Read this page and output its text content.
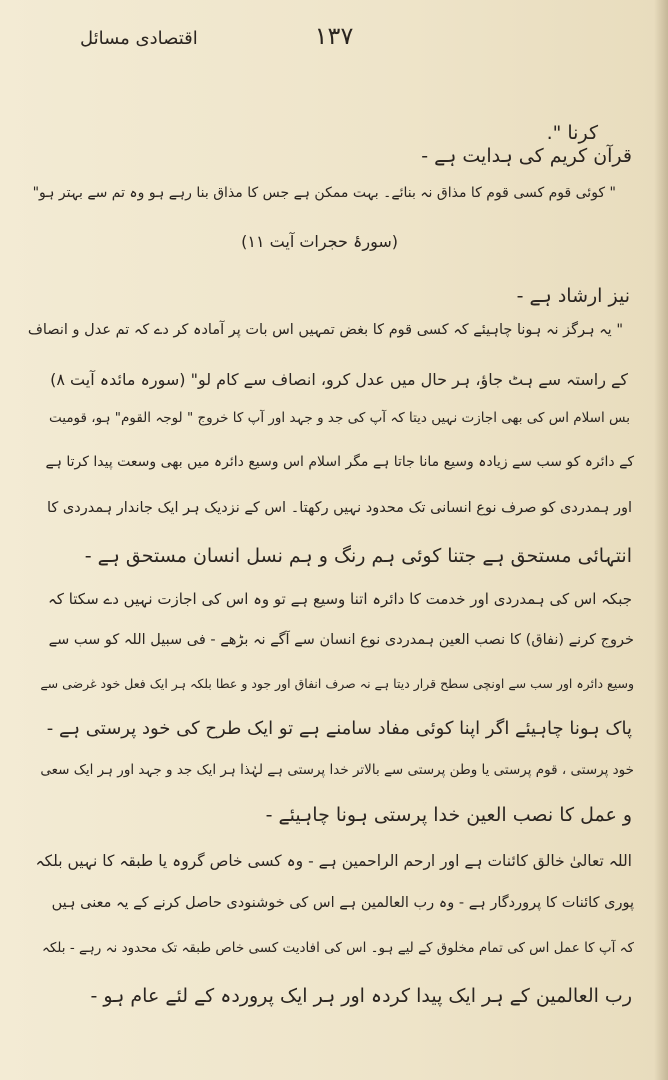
۱۳۷
اقتصادی مسائل
کرنا ".
قرآن کریم کی ہدایت ہے -
" کوئی قوم کسی قوم کا مذاق نہ بنائے۔ بہت ممکن ہے جس کا مذاق بنا رہے ہو وہ تم سے بہتر ہو"
(سورۂ حجرات آیت ۱۱)
نیز ارشاد ہے -
" یہ ہرگز نہ ہونا چاہیئے کہ کسی قوم کا بغض تمہیں اس بات پر آمادہ کر دے کہ تم عدل و انصاف
کے راستہ سے ہٹ جاؤ، ہر حال میں عدل کرو، انصاف سے کام لو" (سورہ مائدہ آیت ۸)
بس اسلام اس کی بھی اجازت نہیں دیتا کہ آپ کی جد و جہد اور آپ کا خروج " لوجہ القوم" ہو، قومیت
کے دائرہ کو سب سے زیادہ وسیع مانا جاتا ہے مگر اسلام اس وسیع دائرہ میں بھی وسعت پیدا کرتا ہے
اور ہمدردی کو صرف نوع انسانی تک محدود نہیں رکھتا۔ اس کے نزدیک ہر ایک جاندار ہمدردی کا
انتہائی مستحق ہے جتنا کوئی ہم رنگ و ہم نسل انسان مستحق ہے -
جبکہ اس کی ہمدردی اور خدمت کا دائرہ اتنا وسیع ہے تو وہ اس کی اجازت نہیں دے سکتا کہ
خروج کرنے (نفاق) کا نصب العین ہمدردی نوع انسان سے آگے نہ بڑھے - فی سبیل اللہ کو سب سے
وسیع دائرہ اور سب سے اونچی سطح قرار دیتا ہے نہ صرف انفاق اور جود و عطا بلکہ ہر ایک فعل خود غرضی سے
پاک ہونا چاہیئے اگر اپنا کوئی مفاد سامنے ہے تو ایک طرح کی خود پرستی ہے -
خود پرستی ، قوم پرستی یا وطن پرستی سے بالاتر خدا پرستی ہے لہٰذا ہر ایک جد و جہد اور ہر ایک سعی
و عمل کا نصب العین خدا پرستی ہونا چاہیئے -
اللہ تعالیٰ خالق کائنات ہے اور ارحم الراحمین ہے - وہ کسی خاص گروہ یا طبقہ کا نہیں بلکہ
پوری کائنات کا پروردگار ہے - وہ رب العالمین ہے اس کی خوشنودی حاصل کرنے کے یہ معنی ہیں
کہ آپ کا عمل اس کی تمام مخلوق کے لیے ہو۔ اس کی افادیت کسی خاص طبقہ تک محدود نہ رہے - بلکہ
رب العالمین کے ہر ایک پیدا کردہ اور ہر ایک پروردہ کے لئے عام ہو -
